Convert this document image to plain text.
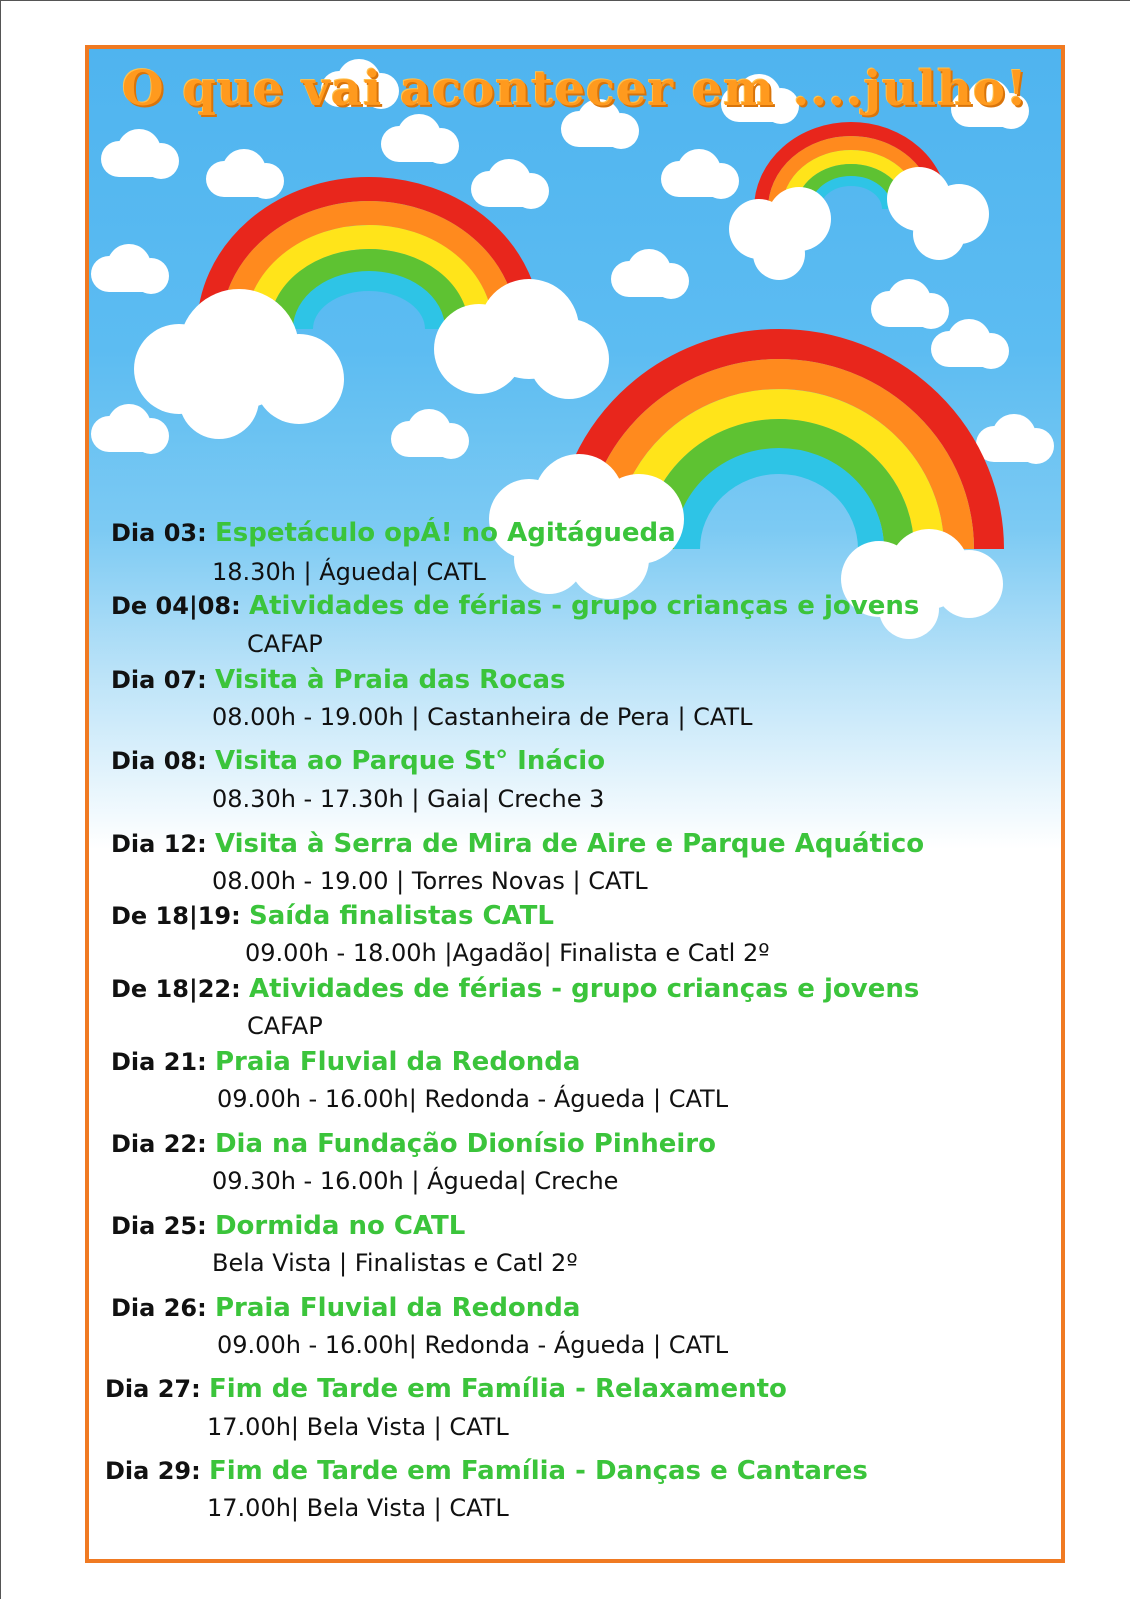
O que vai acontecer em ....julho!
Dia 03: Espetáculo opÁ! no Agitágueda
18.30h | Águeda| CATL
De 04|08: Atividades de férias - grupo crianças e jovens
CAFAP
Dia 07: Visita à Praia das Rocas
08.00h - 19.00h | Castanheira de Pera | CATL
Dia 08: Visita ao Parque St° Inácio
08.30h - 17.30h | Gaia| Creche 3
Dia 12: Visita à Serra de Mira de Aire e Parque Aquático
08.00h - 19.00 | Torres Novas | CATL
De 18|19: Saída finalistas CATL
09.00h - 18.00h |Agadão| Finalista e Catl 2º
De 18|22: Atividades de férias - grupo crianças e jovens
CAFAP
Dia 21: Praia Fluvial da Redonda
09.00h - 16.00h| Redonda - Águeda | CATL
Dia 22: Dia na Fundação Dionísio Pinheiro
09.30h - 16.00h | Águeda| Creche
Dia 25: Dormida no CATL
Bela Vista | Finalistas e Catl 2º
Dia 26: Praia Fluvial da Redonda
09.00h - 16.00h| Redonda - Águeda | CATL
Dia 27: Fim de Tarde em Família - Relaxamento
17.00h| Bela Vista | CATL
Dia 29: Fim de Tarde em Família - Danças e Cantares
17.00h| Bela Vista | CATL
